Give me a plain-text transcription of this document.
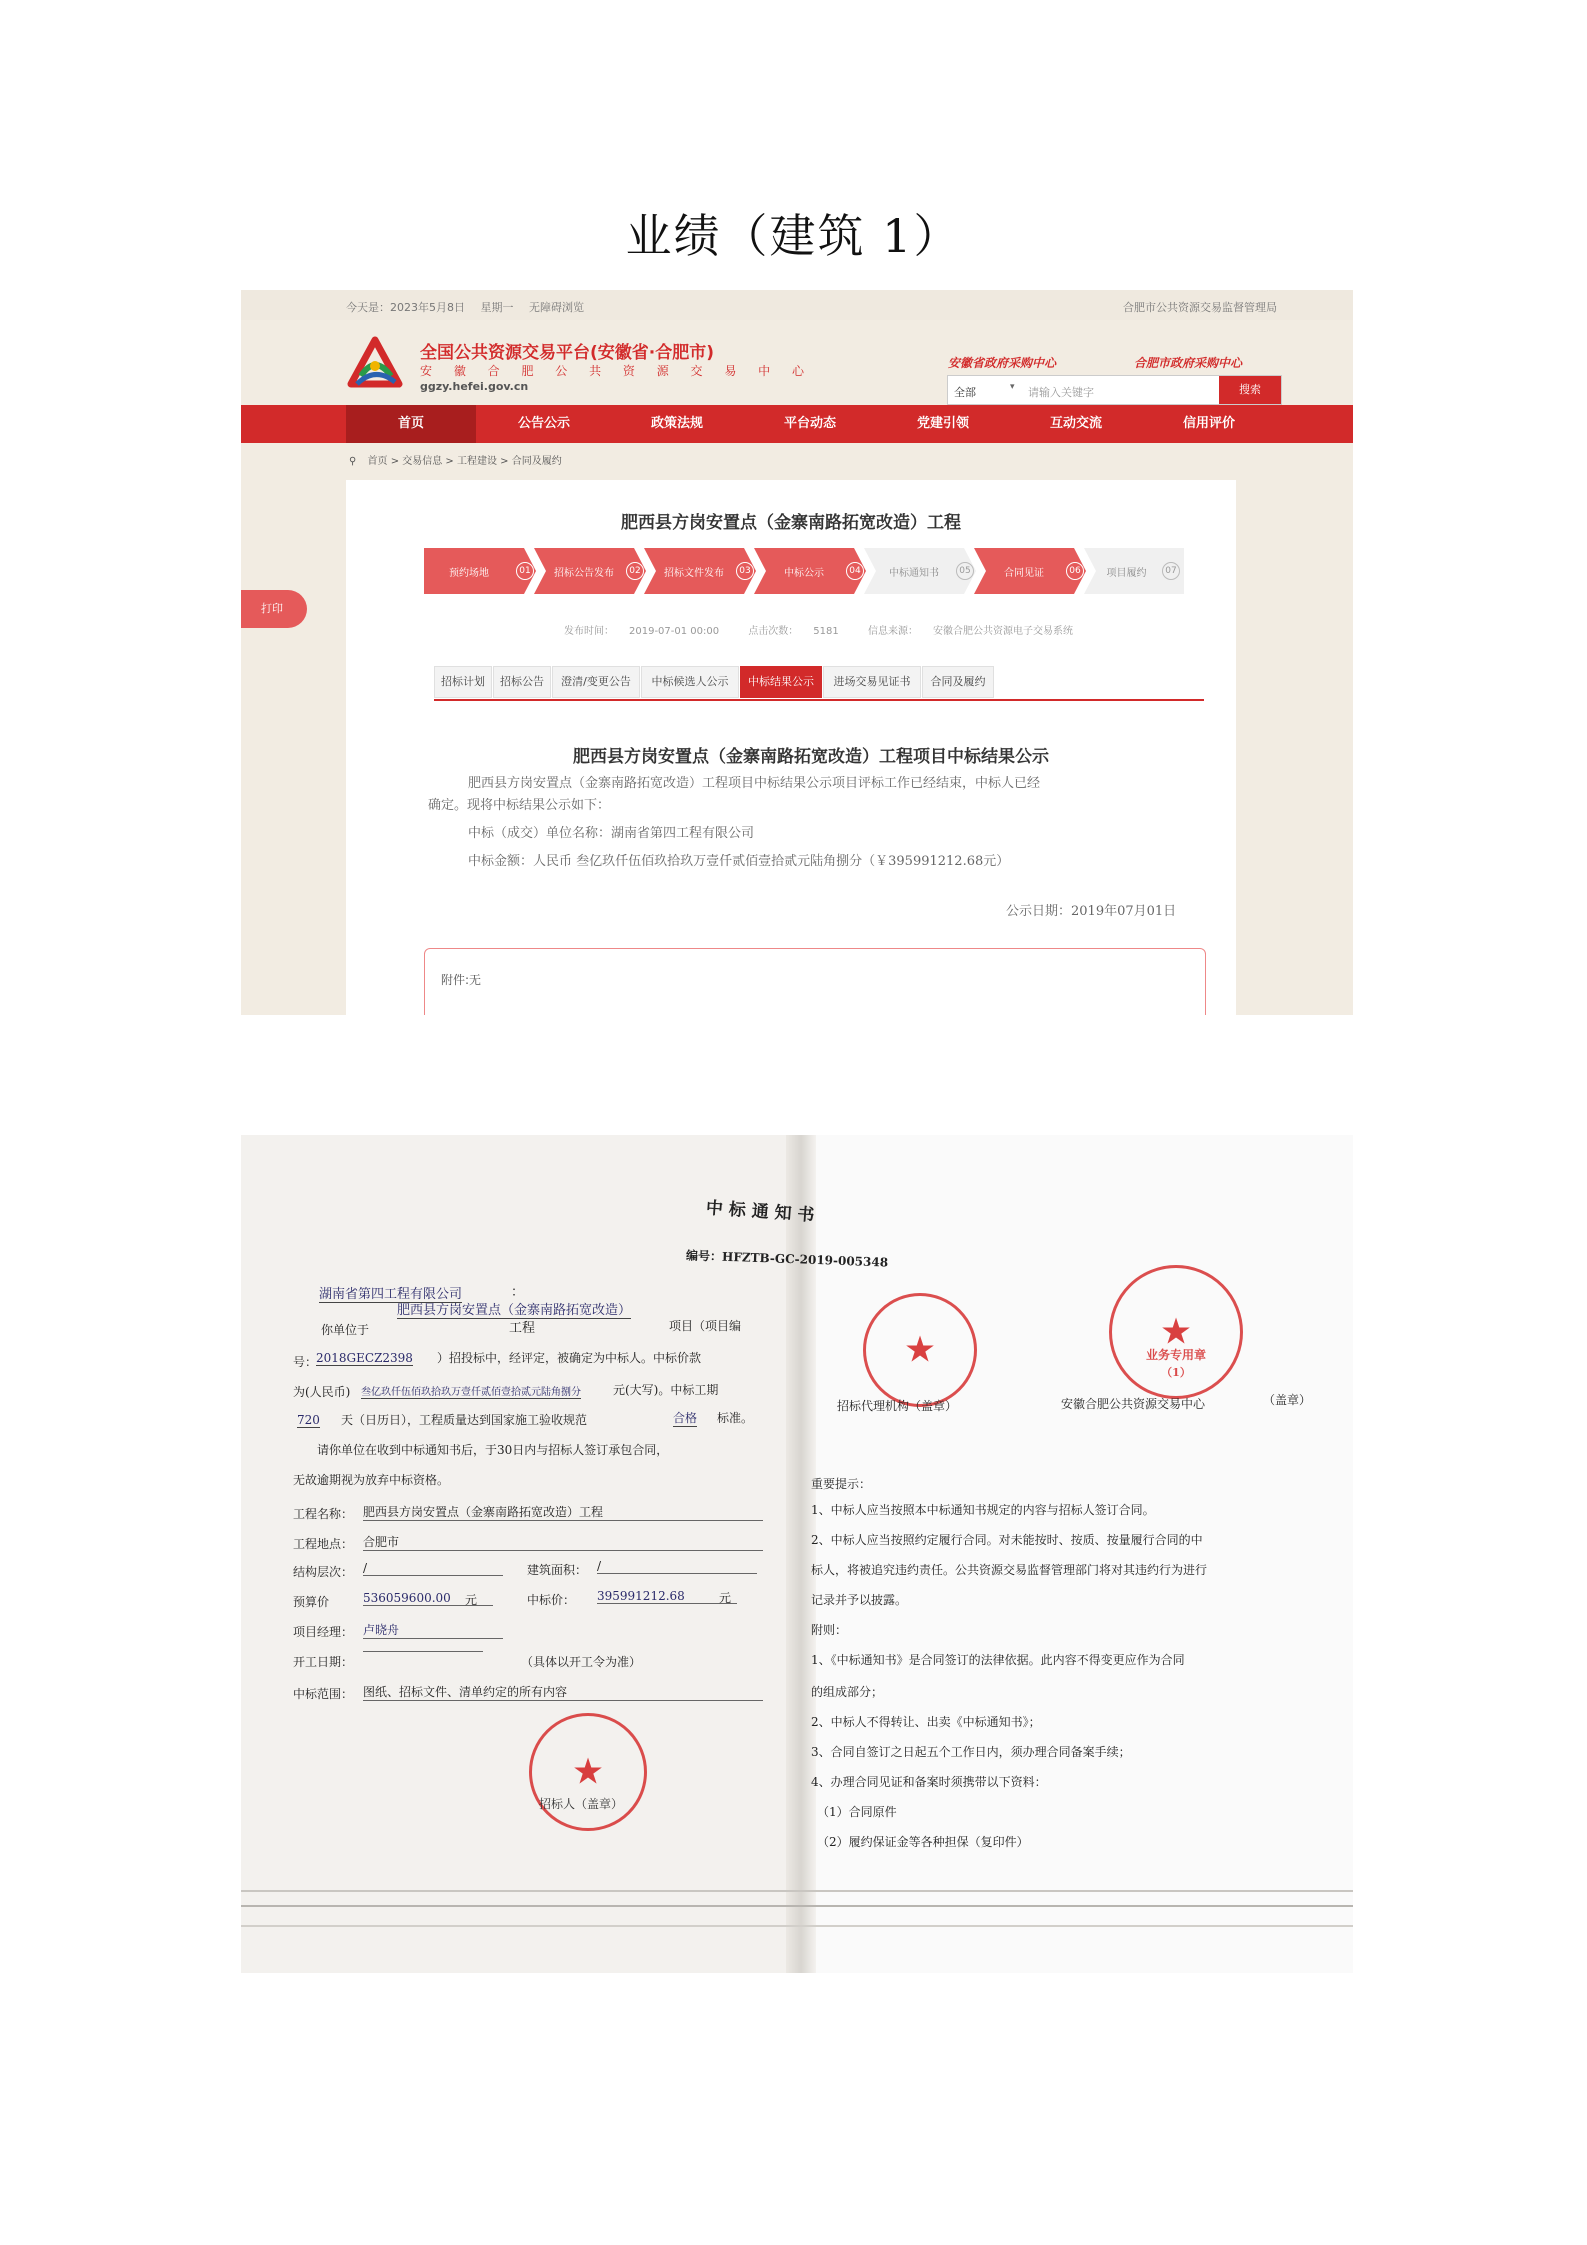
业绩（建筑 1）
今天是：2023年5月8日 星期一 无障碍浏览	合肥市公共资源交易监督管理局
全国公共资源交易平台(安徽省·合肥市)
安 徽 合 肥 公 共 资 源 交 易 中 心
ggzy.hefei.gov.cn
安徽省政府采购中心	合肥市政府采购中心
全部	▾ 请输入关键字	搜索
首页	公告公示	政策法规	平台动态	党建引领	互动交流	信用评价
⚲ 首页 > 交易信息 > 工程建设 > 合同及履约
打印
肥西县方岗安置点（金寨南路拓宽改造）工程
预约场地	01	招标公告发布	02	招标文件发布	03	中标公示	04	中标通知书	05	合同见证	06	项目履约	07
发布时间：　　2019-07-01 00:00	点击次数：　　5181	信息来源：　　安徽合肥公共资源电子交易系统
招标计划	招标公告	澄清/变更公告	中标候选人公示	中标结果公示	进场交易见证书	合同及履约
肥西县方岗安置点（金寨南路拓宽改造）工程项目中标结果公示
肥西县方岗安置点（金寨南路拓宽改造）工程项目中标结果公示项目评标工作已经结束，中标人已经
确定。现将中标结果公示如下：
中标（成交）单位名称：湖南省第四工程有限公司
中标金额：人民币 叁亿玖仟伍佰玖拾玖万壹仟贰佰壹拾贰元陆角捌分（￥395991212.68元）
公示日期：2019年07月01日
附件:无
中 标 通 知 书
编号：HFZTB-GC-2019-005348
湖南省第四工程有限公司	：
肥西县方岗安置点（金寨南路拓宽改造）
你单位于	工程	项目（项目编
号：
2018GECZ2398 ）招投标中，经评定，被确定为中标人。中标价款
为(人民币) 叁亿玖仟伍佰玖拾玖万壹仟贰佰壹拾贰元陆角捌分	元(大写)。中标工期
720 天（日历日），工程质量达到国家施工验收规范	合格 标准。
请你单位在收到中标通知书后，于30日内与招标人签订承包合同，
无故逾期视为放弃中标资格。
工程名称： 肥西县方岗安置点（金寨南路拓宽改造）工程
工程地点： 合肥市
结构层次： /	建筑面积： /
预算价	536059600.00	元	中标价： 395991212.68	元
项目经理： 卢晓舟
开工日期：	（具体以开工令为准）
中标范围： 图纸、招标文件、清单约定的所有内容
★
招标人（盖章）
★
招标代理机构（盖章）
★
业务专用章
（1）
安徽合肥公共资源交易中心	（盖章）
重要提示：
1、中标人应当按照本中标通知书规定的内容与招标人签订合同。
2、中标人应当按照约定履行合同。对未能按时、按质、按量履行合同的中
标人，将被追究违约责任。公共资源交易监督管理部门将对其违约行为进行
记录并予以披露。
附则：
1、《中标通知书》是合同签订的法律依据。此内容不得变更应作为合同
的组成部分；
2、中标人不得转让、出卖《中标通知书》；
3、合同自签订之日起五个工作日内，须办理合同备案手续；
4、办理合同见证和备案时须携带以下资料：
（1）合同原件
（2）履约保证金等各种担保（复印件）
